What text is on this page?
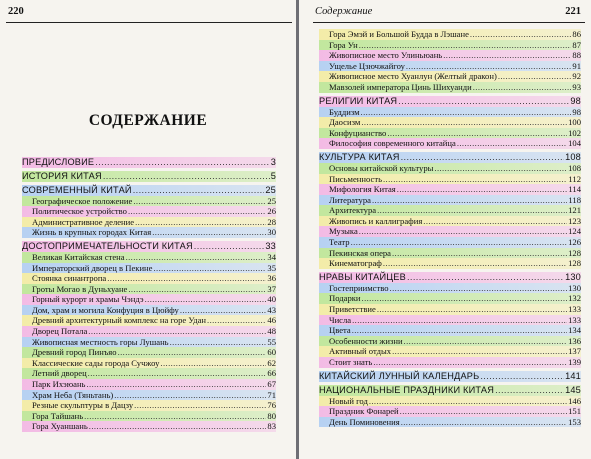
220
СОДЕРЖАНИЕ
ПРЕДИСЛОВИЕ .....	3
ИСТОРИЯ КИТАЯ .....	5
СОВРЕМЕННЫЙ КИТАЙ .....	25
Географическое положение .....	25
Политическое устройство .....	26
Административное деление .....	28
Жизнь в крупных городах Китая .....	30
ДОСТОПРИМЕЧАТЕЛЬНОСТИ КИТАЯ .....	33
Великая Китайская стена .....	34
Императорский дворец в Пекине .....	35
Стоянка синантропа .....	36
Гроты Могао в Дуньхуане .....	37
Горный курорт и храмы Чэндэ .....	40
Дом, храм и могила Конфуция в Цюйфу .....	43
Древний архитектурный комплекс на горе Удан .....	46
Дворец Потала .....	48
Живописная местность горы Лушань .....	55
Древний город Пинъяо .....	60
Классические сады города Сучжоу .....	62
Летний дворец .....	66
Парк Ихэюань .....	67
Храм Неба (Тяньтань) .....	71
Резные скульптуры в Дацзу .....	76
Гора Тайшань .....	80
Гора Хуаншань .....	83
Содержание	221
Гора Эмэй и Большой Будда в Лэшане .....	86
Гора Ун .....	87
Живописное место Улиньюань .....	88
Ущелье Цзючжайгоу .....	91
Живописное место Хуанлун (Желтый дракон) .....	92
Мавзолей императора Цинь Шихуанди .....	93
РЕЛИГИИ КИТАЯ .....	98
Буддизм .....	98
Даосизм .....	100
Конфуцианство .....	102
Философия современного китайца .....	104
КУЛЬТУРА КИТАЯ .....	108
Основы китайской культуры .....	108
Письменность .....	112
Мифология Китая .....	114
Литература .....	118
Архитектура .....	121
Живопись и каллиграфия .....	123
Музыка .....	124
Театр .....	126
Пекинская опера .....	128
Кинематограф .....	128
НРАВЫ КИТАЙЦЕВ .....	130
Гостеприимство .....	130
Подарки .....	132
Приветствие .....	133
Числа .....	133
Цвета .....	134
Особенности жизни .....	136
Активный отдых .....	137
Стоит знать .....	139
КИТАЙСКИЙ ЛУННЫЙ КАЛЕНДАРЬ .....	141
НАЦИОНАЛЬНЫЕ ПРАЗДНИКИ КИТАЯ .....	145
Новый год .....	146
Праздник Фонарей .....	151
День Поминовения .....	153
